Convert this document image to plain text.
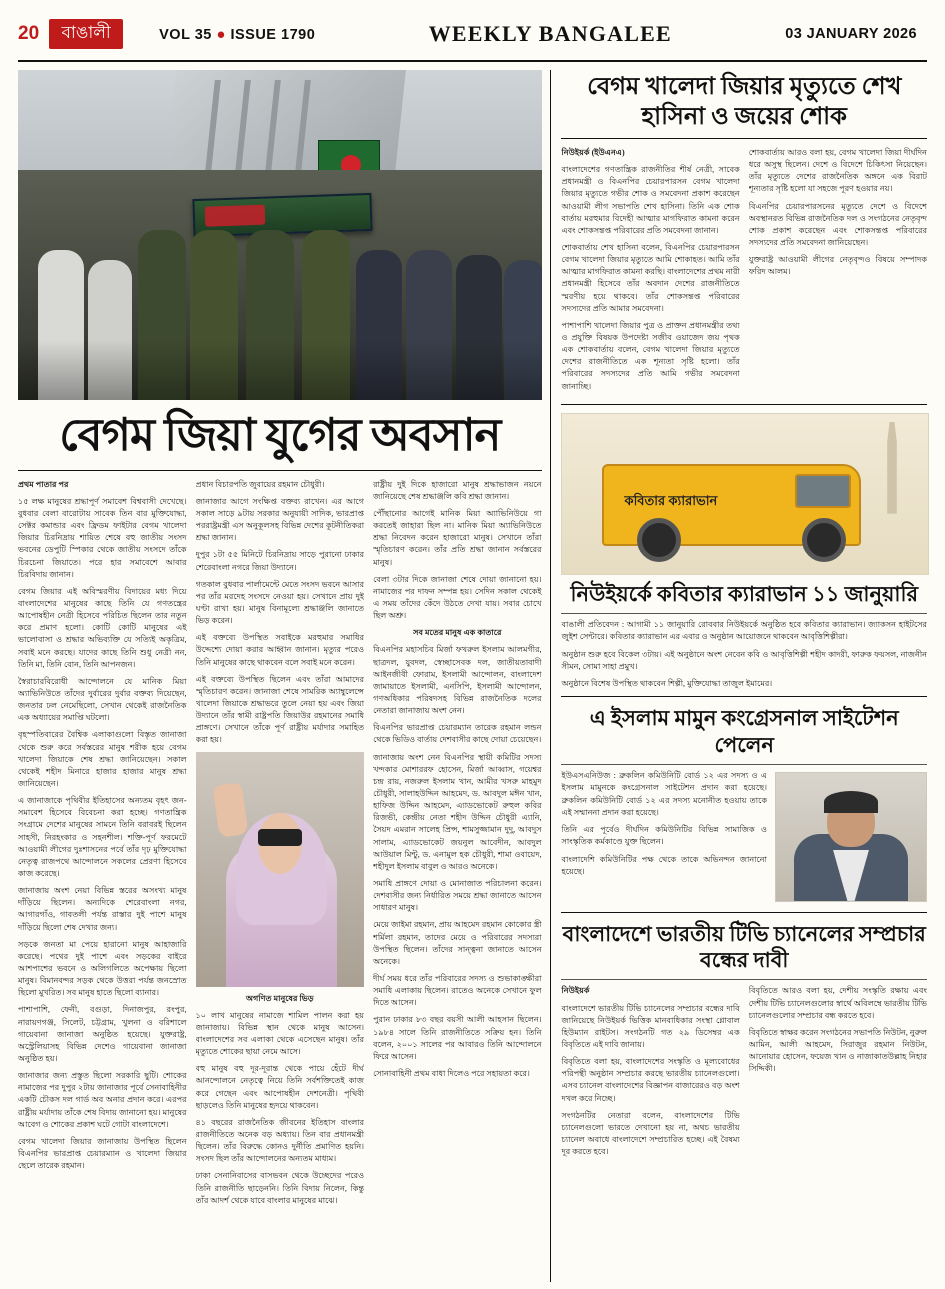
20	বাঙালী	VOL 35 ● ISSUE 1790	WEEKLY BANGALEE	03 JANUARY 2026
বেগম জিয়া যুগের অবসান

প্রথম পাতার পর

১৫ লক্ষ মানুষের শ্রদ্ধাপূর্ণ সমাবেশ বিশ্ববাসী দেখেছে। বুধবার বেলা বারোটায় সাবেক তিন বার মুক্তিযোদ্ধা, সেক্টর কমান্ডার এবং ফ্রিডম ফাইটার বেগম খালেদা জিয়ার চিরনিদ্রায় শায়িত শেষে বহু জাতীয় সংসদ ভবনের ডেপুটি স্পিকার থেকে জাতীয় সংসদে তাঁকে চিরচেনা জিয়াতে। পরে হার সমাবেশে আবার চিরবিদায় জানান।

বেগম জিয়ার এই অবিস্মরণীয় বিদায়ের মধ্য দিয়ে বাংলাদেশের মানুষের কাছে তিনি যে গণতন্ত্রের আপোষহীন নেত্রী হিসেবে পরিচিত ছিলেন তার নতুন করে প্রমাণ হলো। কোটি কোটি মানুষের এই ভালোবাসা ও শ্রদ্ধার অভিব্যক্তি যে সত্যিই অকৃত্রিম, সবাই মনে করছে। যাদের কাছে তিনি শুধু নেত্রী নন, তিনি মা, তিনি বোন, তিনি আপনজন।

স্বৈরাচারবিরোধী আন্দোলনে যে মানিক মিয়া অ্যাভিনিউতে তাঁদের দুর্বারের দুর্বার বক্তব্য দিয়েছেন, জনতার ঢল নেমেছিলো, সেখান থেকেই রাজনৈতিক এক অধ্যায়ের সমাপ্তি ঘটলো।

বৃহস্পতিবারের বৈশ্বিক এলাকাগুলো বিস্তৃত জানাজা থেকে শুরু করে সর্বস্তরের মানুষ শরীক হয়ে বেগম খালেদা জিয়াকে শেষ শ্রদ্ধা জানিয়েছেন। সকাল থেকেই শহীদ মিনারে হাজার হাজার মানুষ শ্রদ্ধা জানিয়েছেন।

এ জানাজাকে পৃথিবীর ইতিহাসের অন্যতম বৃহৎ জন-সমাবেশ হিসেবে বিবেচনা করা হচ্ছে। গণতান্ত্রিক সংগ্রামে দেশের মানুষের সামনে তিনি বরাবরই ছিলেন সাহসী, নিরহংকার ও সহনশীল। শক্তি-পূর্ণ ফরমেটে আওয়ামী লীগের দুঃশাসনের পর্বে তাঁর দৃঢ় মুক্তিযোদ্ধা নেতৃত্ব রাজপথে আন্দোলনে সকলের প্রেরণা হিসেবে কাজ করেছে।

জানাজায় অংশ নেয়া বিভিন্ন স্তরের অসংখ্য মানুষ দাঁড়িয়ে ছিলেন। অন্যদিকে শেরেবাংলা নগর, আগারগাঁও, গাবতলী পর্যন্ত রাস্তার দুই পাশে মানুষ দাঁড়িয়ে ছিলো শেষ দেখার জন্য।

সড়কে জনতা মা পেয়ে হারানো মানুষ আহাজারি করেছে। পথের দুই পাশে এবং সড়কের বাইরে আশপাশের ভবনে ও অলিগলিতে অপেক্ষায় ছিলো মানুষ। বিমানবন্দর সড়ক থেকে উত্তরা পর্যন্ত জনস্রোত ছিলো মুখরিত। সব মানুষ হাতে ছিলো ব্যানার।

পাশাপাশি, ফেনী, বগুড়া, দিনাজপুর, রংপুর, নারায়ণগঞ্জ, সিলেট, চট্টগ্রাম, খুলনা ও বরিশালে গায়েবানা জানাজা অনুষ্ঠিত হয়েছে। যুক্তরাষ্ট্র, অস্ট্রেলিয়াসহ বিভিন্ন দেশেও গায়েবানা জানাজা অনুষ্ঠিত হয়।

জানাজার জন্য প্রস্তুত ছিলো সরকারি ছুটি। শোকের নামাজের পর দুপুর ২টায় জানাজার পূর্বে সেনাবাহিনীর একটি চৌকস দল গার্ড অব অনার প্রদান করে। এরপর রাষ্ট্রীয় মর্যাদায় তাঁকে শেষ বিদায় জানানো হয়। মানুষের আবেগ ও শোকের প্রকাশ ঘটে গোটা বাংলাদেশে।

বেগম খালেদা জিয়ার জানাজায় উপস্থিত ছিলেন বিএনপির ভারপ্রাপ্ত চেয়ারম্যান ও খালেদা জিয়ার ছেলে তারেক রহমান।

প্রধান বিচারপতি জুবায়ের রহমান চৌধুরী।

জানাজার আগে সংক্ষিপ্ত বক্তব্য রাখেন। এর আগে সকাল সাড়ে ৯টায় সরকার অনুযায়ী সাদিক, ভারপ্রাপ্ত পররাষ্ট্রমন্ত্রী এস অনুকূলসহ বিভিন্ন দেশের কূটনীতিকরা শ্রদ্ধা জানান।

দুপুর ১টা ৫৫ মিনিটে চিরনিদ্রায় সাড়ে পুরানো ঢাকার শেরেবাংলা নগরে জিয়া উদ্যানে।

গতকাল বুধবার পার্লামেন্টে মেতে সংসদ ভবনে আসার পর তাঁর মরদেহ সংসদে নেওয়া হয়। সেখানে প্রায় দুই ঘণ্টা রাখা হয়। মানুষ বিনামূল্যে শ্রদ্ধাঞ্জলি জানাতে ভিড় করেন।

এই বক্তব্যে উপস্থিত সবাইকে মরহুমার সমাধির উদ্দেশ্যে দোয়া করার আহ্বান জানান। মৃত্যুর পরেও তিনি মানুষের কাছে থাকবেন বলে সবাই মনে করেন।

এই বক্তব্যে উপস্থিত ছিলেন এবং তাঁরা আমাদের স্মৃতিচারণ করেন। জানাজা শেষে সামরিক অ্যাম্বুলেন্সে খালেদা জিয়াকে শ্রদ্ধাভরে তুলে নেয়া হয় এবং জিয়া উদ্যানে তাঁর স্বামী রাষ্ট্রপতি জিয়াউর রহমানের সমাধি প্রাঙ্গণে। সেখানে তাঁকে পূর্ণ রাষ্ট্রীয় মর্যাদার সমাহিত করা হয়।

অগণিত মানুষের ভিড়

১০ লাখ মানুষের নামাজে শামিল পালন করা হয় জানাজায়। বিভিন্ন স্থান থেকে মানুষ আসেন। বাংলাদেশের সব এলাকা থেকে এসেছেন মানুষ। তাঁর মৃত্যুতে শোকের ছায়া নেমে আসে।

বহু মানুষ বহু দূর-দূরান্ত থেকে পায়ে হেঁটে দীর্ঘ আনন্দোলনে নেতৃত্বে নিয়ে তিনি সর্বশক্তিতেই কাজ করে গেছেন এবং আপোষহীন দেশনেত্রী। পৃথিবী ছাড়লেও তিনি মানুষের হৃদয়ে থাকবেন।

৪১ বছরের রাজনৈতিক জীবনের ইতিহাস বাংলার রাজনীতিতে অনেক বড় অধ্যায়। তিন বার প্রধানমন্ত্রী ছিলেন। তাঁর বিরুদ্ধে কোনও দুর্নীতি প্রমাণিত হয়নি। সংসদ ছিল তাঁর আন্দোলনের অন্যতম মাধ্যম।

ঢাকা সেনানিবাসের বাসভবন থেকে উচ্ছেদের পরেও তিনি রাজনীতি ছাড়েননি। তিনি বিদায় নিলেন, কিন্তু তাঁর আদর্শ থেকে যাবে বাংলার মানুষের মাঝে।

রাষ্ট্রীয় দুই দিকে হাজারো মানুষ শ্রদ্ধাভাজন নয়নে জানিয়েছে শেষ শ্রদ্ধাঞ্জলি কবি শ্রদ্ধা জানান।

পৌঁছানোর আগেই মানিক মিয়া অ্যাভিনিউয়ে গা করতেই জাহারা ছিল না। মানিক মিয়া অ্যাভিনিউতে শ্রদ্ধা নিবেদন করেন হাজারো মানুষ। সেখানে তাঁরা স্মৃতিচারণ করেন। তাঁর প্রতি শ্রদ্ধা জানান সর্বস্তরের মানুষ।

বেলা ৩টার দিকে জানাজা শেষে দোয়া জানানো হয়। নামাজের পর দাফন সম্পন্ন হয়। সেদিন সকাল থেকেই এ সময় তাঁদের কেঁদে উঠতে দেখা যায়। সবার চোখে ছিল অশ্রু।

সব মতের মানুষ এক কাতারে

বিএনপির মহাসচিব মির্জা ফখরুল ইসলাম আলমগীর, ছাত্রদল, যুবদল, স্বেচ্ছাসেবক দল, জাতীয়তাবাদী আইনজীবী ফোরাম, ইসলামী আন্দোলন, বাংলাদেশ জামায়াতে ইসলামী, এনসিপি, ইসলামী আন্দোলন, গণঅধিকার পরিষদসহ বিভিন্ন রাজনৈতিক দলের নেতারা জানাজায় অংশ নেন।

বিএনপির ভারপ্রাপ্ত চেয়ারম্যান তারেক রহমান লন্ডন থেকে ভিডিও বার্তায় দেশবাসীর কাছে দোয়া চেয়েছেন।

জানাজায় অংশ নেন বিএনপির স্থায়ী কমিটির সদস্য খন্দকার মোশাররফ হোসেন, মির্জা আব্বাস, গয়েশ্বর চন্দ্র রায়, নজরুল ইসলাম খান, আমীর খসরু মাহমুদ চৌধুরী, সালাহউদ্দিন আহমেদ, ড. আবদুল মঈন খান, হাফিজ উদ্দিন আহমেদ, এ্যাডভোকেট রুহুল কবির রিজভী, কেন্দ্রীয় নেতা শহীদ উদ্দিন চৌধুরী এ্যানি, সৈয়দ এমরান সালেহ প্রিন্স, শামসুজ্জামান দুদু, আবদুস সালাম, এ্যাডভোকেট জয়নুল আবেদীন, আবদুল আউয়াল মিন্টু, ড. এনামুল হক চৌধুরী, শামা ওবায়েদ, শহীদুল ইসলাম বাবুল ও আরও অনেকে।

সমাধি প্রাঙ্গণে দোয়া ও মোনাজাত পরিচালনা করেন। দেশবাসীর জন্য নির্ধারিত সময়ে শ্রদ্ধা জানাতে আসেন সাধারণ মানুষ।

মেয়ে জাইমা রহমান, প্রায় আহমেদ রহমান কোকোর স্ত্রী শর্মিলা রহমান, তাদের মেয়ে ও পরিবারের সদস্যরা উপস্থিত ছিলেন। তাঁদের সান্ত্বনা জানাতে আসেন অনেকে।

দীর্ঘ সময় ধরে তাঁর পরিবারের সদস্য ও শুভাকাঙ্ক্ষীরা সমাধি এলাকায় ছিলেন। রাতেও অনেকে সেখানে ফুল দিতে আসেন।

পুরান ঢাকার ৮৩ বছর বয়সী আলী আহসান ছিলেন। ১৯৮৪ সালে তিনি রাজনীতিতে সক্রিয় হন। তিনি বলেন, ২০০১ সালের পর আবারও তিনি আন্দোলনে ফিরে আসেন।

সোনাবাহিনী প্রথম বাধা দিলেও পরে সহায়তা করে।

বেগম খালেদা জিয়ার মৃত্যুতে শেখ হাসিনা ও জয়ের শোক

নিউইয়র্ক (ইউএনএ)

বাংলাদেশের গণতান্ত্রিক রাজনীতির শীর্ষ নেত্রী, সাবেক প্রধানমন্ত্রী ও বিএনপির চেয়ারপারসন বেগম খালেদা জিয়ার মৃত্যুতে গভীর শোক ও সমবেদনা প্রকাশ করেছেন আওয়ামী লীগ সভাপতি শেখ হাসিনা। তিনি এক শোক বার্তায় মরহুমার বিদেহী আত্মার মাগফিরাত কামনা করেন এবং শোকসন্তপ্ত পরিবারের প্রতি সমবেদনা জানান।

শোকবার্তায় শেখ হাসিনা বলেন, বিএনপির চেয়ারপারসন বেগম খালেদা জিয়ার মৃত্যুতে আমি শোকাহত। আমি তাঁর আত্মার মাগফিরাত কামনা করছি। বাংলাদেশের প্রথম নারী প্রধানমন্ত্রী হিসেবে তাঁর অবদান দেশের রাজনীতিতে স্মরণীয় হয়ে থাকবে। তাঁর শোকসন্তপ্ত পরিবারের সদস্যদের প্রতি আমার সমবেদনা।

পাশাপাশি খালেদা জিয়ার পুত্র ও প্রাক্তন প্রধানমন্ত্রীর তথ্য ও প্রযুক্তি বিষয়ক উপদেষ্টা সজীব ওয়াজেদ জয় পৃথক এক শোকবার্তায় বলেন, বেগম খালেদা জিয়ার মৃত্যুতে দেশের রাজনীতিতে এক শূন্যতা সৃষ্টি হলো। তাঁর পরিবারের সদস্যদের প্রতি আমি গভীর সমবেদনা জানাচ্ছি।

শোকবার্তায় আরও বলা হয়, বেগম খালেদা জিয়া দীর্ঘদিন ধরে অসুস্থ ছিলেন। দেশে ও বিদেশে চিকিৎসা নিয়েছেন। তাঁর মৃত্যুতে দেশের রাজনৈতিক অঙ্গনে এক বিরাট শূন্যতার সৃষ্টি হলো যা সহজে পূরণ হওয়ার নয়।

বিএনপির চেয়ারপারসনের মৃত্যুতে দেশে ও বিদেশে অবস্থানরত বিভিন্ন রাজনৈতিক দল ও সংগঠনের নেতৃবৃন্দ শোক প্রকাশ করেছেন এবং শোকসন্তপ্ত পরিবারের সদস্যদের প্রতি সমবেদনা জানিয়েছেন।

যুক্তরাষ্ট্র আওয়ামী লীগের নেতৃবৃন্দও বিষয়ে সম্পাদক ফরিদ আলম।

কবিতার ক্যারাভান
নিউইয়র্কে কবিতার ক্যারাভান ১১ জানুয়ারি

বাঙালী প্রতিবেদন : আগামী ১১ জানুয়ারি রোববার নিউইয়র্কে অনুষ্ঠিত হবে কবিতার ক্যারাভান। জ্যাকসন হাইটসের জুইশ সেন্টারে। কবিতার ক্যারাভান এর এবার ও অনুষ্ঠান আয়োজনে থাকবেন আবৃত্তিশিল্পীরা।

অনুষ্ঠান শুরু হবে বিকেল ৩টায়। এই অনুষ্ঠানে অংশ নেবেন কবি ও আবৃত্তিশিল্পী শহীদ কাদরী, ফারুক ফয়সল, নাজনীন সীমন, সোমা সাহা প্রমুখ।

অনুষ্ঠানে বিশেষ উপস্থিত থাকবেন শিল্পী, মুক্তিযোদ্ধা তাজুল ইমামের।

এ ইসলাম মামুন কংগ্রেসনাল সাইটেশন পেলেন

ইউএসএনিউজ : ব্রুকলিন কমিউনিটি বোর্ড ১২ এর সদস্য ও এ ইসলাম মামুনকে কংগ্রেসনাল সাইটেশন প্রদান করা হয়েছে। ব্রুকলিন কমিউনিটি বোর্ড ১২ এর সদস্য মনোনীত হওয়ায় তাকে এই সম্মাননা প্রদান করা হয়েছে।

তিনি এর পূর্বেও দীর্ঘদিন কমিউনিটির বিভিন্ন সামাজিক ও সাংস্কৃতিক কর্মকাণ্ডে যুক্ত ছিলেন।

বাংলাদেশি কমিউনিটির পক্ষ থেকে তাকে অভিনন্দন জানানো হয়েছে।

বাংলাদেশে ভারতীয় টিভি চ্যানেলের সম্প্রচার বন্ধের দাবী

নিউইয়র্ক

বাংলাদেশে ভারতীয় টিভি চ্যানেলের সম্প্রচার বন্ধের দাবি জানিয়েছে নিউইয়র্ক ভিত্তিক মানবাধিকার সংস্থা গ্লোবাল হিউম্যান রাইটস। সংগঠনটি গত ২৯ ডিসেম্বর এক বিবৃতিতে এই দাবি জানায়।

বিবৃতিতে বলা হয়, বাংলাদেশের সংস্কৃতি ও মূল্যবোধের পরিপন্থী অনুষ্ঠান সম্প্রচার করছে ভারতীয় চ্যানেলগুলো। এসব চ্যানেল বাংলাদেশের বিজ্ঞাপন বাজারেরও বড় অংশ দখল করে নিচ্ছে।

সংগঠনটির নেতারা বলেন, বাংলাদেশের টিভি চ্যানেলগুলো ভারতে দেখানো হয় না, অথচ ভারতীয় চ্যানেল অবাধে বাংলাদেশে সম্প্রচারিত হচ্ছে। এই বৈষম্য দূর করতে হবে।

বিবৃতিতে আরও বলা হয়, দেশীয় সংস্কৃতি রক্ষায় এবং দেশীয় টিভি চ্যানেলগুলোর স্বার্থে অবিলম্বে ভারতীয় টিভি চ্যানেলগুলোর সম্প্রচার বন্ধ করতে হবে।

বিবৃতিতে স্বাক্ষর করেন সংগঠনের সভাপতি নিউটন, নুরুল আমিন, আলী আহমেদ, সিরাজুর রহমান নিউটন, আনোয়ার হোসেন, ফয়েজ খান ও নাজাকাতউল্লাহ নিহার সিদ্দিকী।
